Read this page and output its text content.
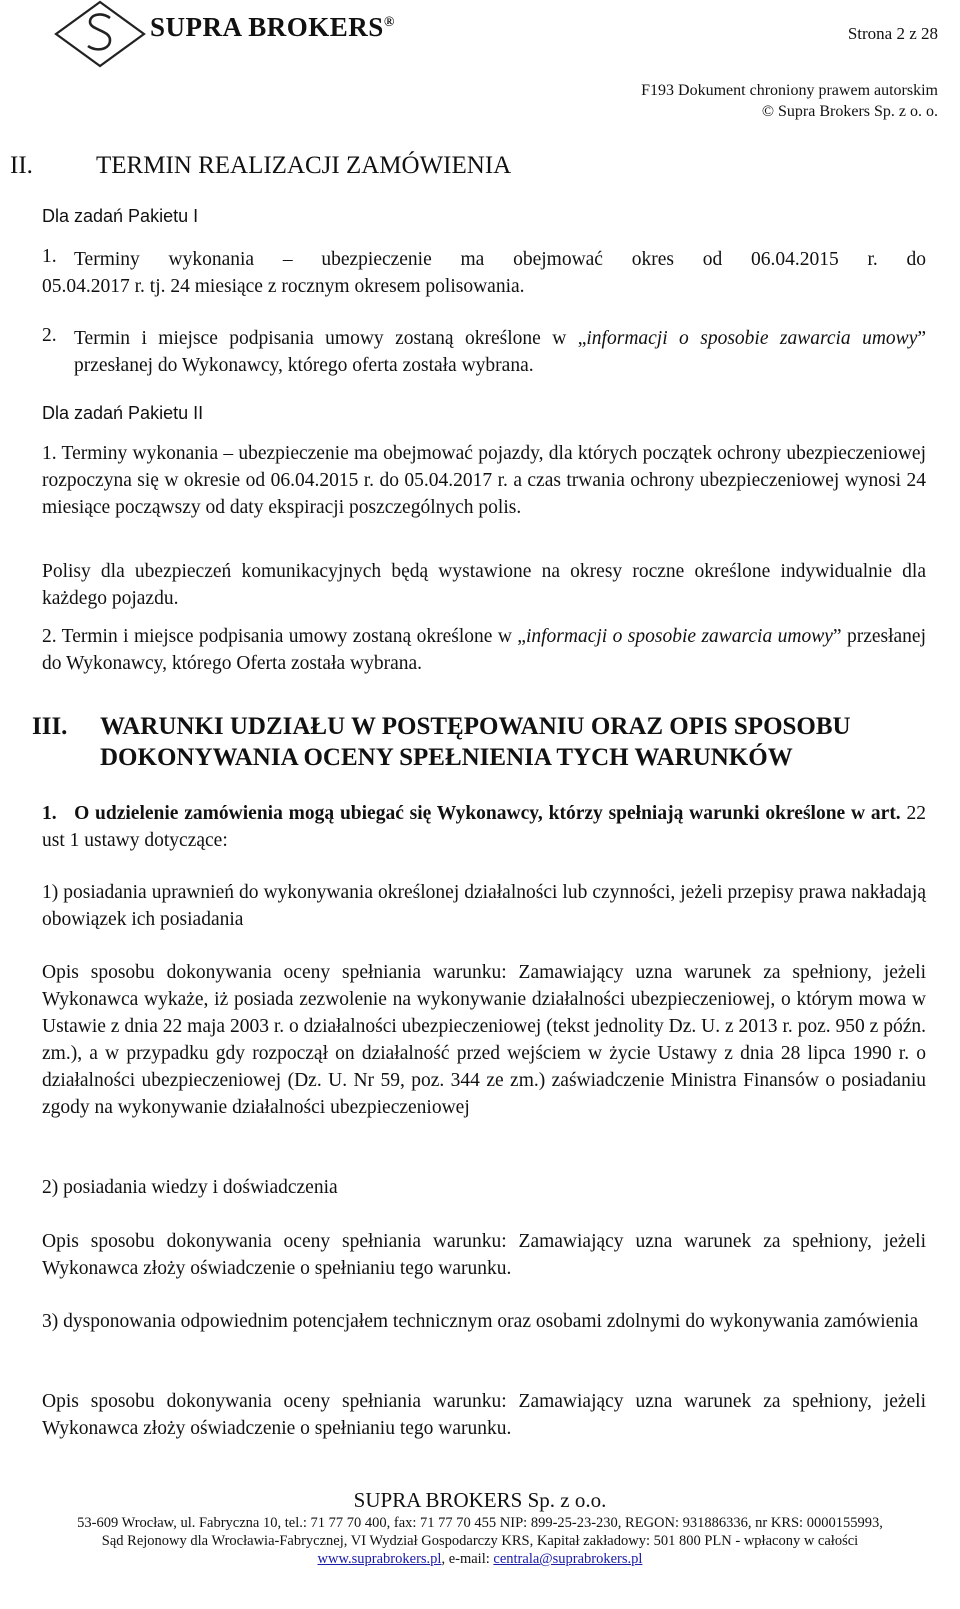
SUPRA BROKERS®
Strona 2 z 28
F193 Dokument chroniony prawem autorskim
© Supra Brokers Sp. z o. o.
II.	TERMIN REALIZACJI ZAMÓWIENIA
Dla zadań Pakietu I
1. Terminy wykonania – ubezpieczenie ma obejmować okres od 06.04.2015 r. do
05.04.2017 r. tj. 24 miesiące z rocznym okresem polisowania.
2. Termin i miejsce podpisania umowy zostaną określone w „informacji o sposobie zawarcia umowy” przesłanej do Wykonawcy, którego oferta została wybrana.
Dla zadań Pakietu II
1. Terminy wykonania – ubezpieczenie ma obejmować pojazdy, dla których początek ochrony ubezpieczeniowej rozpoczyna się w okresie od 06.04.2015 r. do 05.04.2017 r. a czas trwania ochrony ubezpieczeniowej wynosi 24 miesiące począwszy od daty ekspiracji poszczególnych polis.
Polisy dla ubezpieczeń komunikacyjnych będą wystawione na okresy roczne określone indywidualnie dla każdego pojazdu.
2. Termin i miejsce podpisania umowy zostaną określone w „informacji o sposobie zawarcia umowy” przesłanej do Wykonawcy, którego Oferta została wybrana.
III. WARUNKI UDZIAŁU W POSTĘPOWANIU ORAZ OPIS SPOSOBU
DOKONYWANIA OCENY SPEŁNIENIA TYCH WARUNKÓW
1. O udzielenie zamówienia mogą ubiegać się Wykonawcy, którzy spełniają warunki określone w art. 22 ust 1 ustawy dotyczące:
1) posiadania uprawnień do wykonywania określonej działalności lub czynności, jeżeli przepisy prawa nakładają obowiązek ich posiadania
Opis sposobu dokonywania oceny spełniania warunku: Zamawiający uzna warunek za spełniony, jeżeli Wykonawca wykaże, iż posiada zezwolenie na wykonywanie działalności ubezpieczeniowej, o którym mowa w Ustawie z dnia 22 maja 2003 r. o działalności ubezpieczeniowej (tekst jednolity Dz. U. z 2013 r. poz. 950 z późn. zm.), a w przypadku gdy rozpoczął on działalność przed wejściem w życie Ustawy z dnia 28 lipca 1990 r. o działalności ubezpieczeniowej (Dz. U. Nr 59, poz. 344 ze zm.) zaświadczenie Ministra Finansów o posiadaniu zgody na wykonywanie działalności ubezpieczeniowej
2) posiadania wiedzy i doświadczenia
Opis sposobu dokonywania oceny spełniania warunku: Zamawiający uzna warunek za spełniony, jeżeli Wykonawca złoży oświadczenie o spełnianiu tego warunku.
3) dysponowania odpowiednim potencjałem technicznym oraz osobami zdolnymi do wykonywania zamówienia
Opis sposobu dokonywania oceny spełniania warunku: Zamawiający uzna warunek za spełniony, jeżeli Wykonawca złoży oświadczenie o spełnianiu tego warunku.
SUPRA BROKERS Sp. z o.o.
53-609 Wrocław, ul. Fabryczna 10, tel.: 71 77 70 400, fax: 71 77 70 455 NIP: 899-25-23-230, REGON: 931886336, nr KRS: 0000155993,
Sąd Rejonowy dla Wrocławia-Fabrycznej, VI Wydział Gospodarczy KRS, Kapitał zakładowy: 501 800 PLN - wpłacony w całości
www.suprabrokers.pl, e-mail: centrala@suprabrokers.pl
